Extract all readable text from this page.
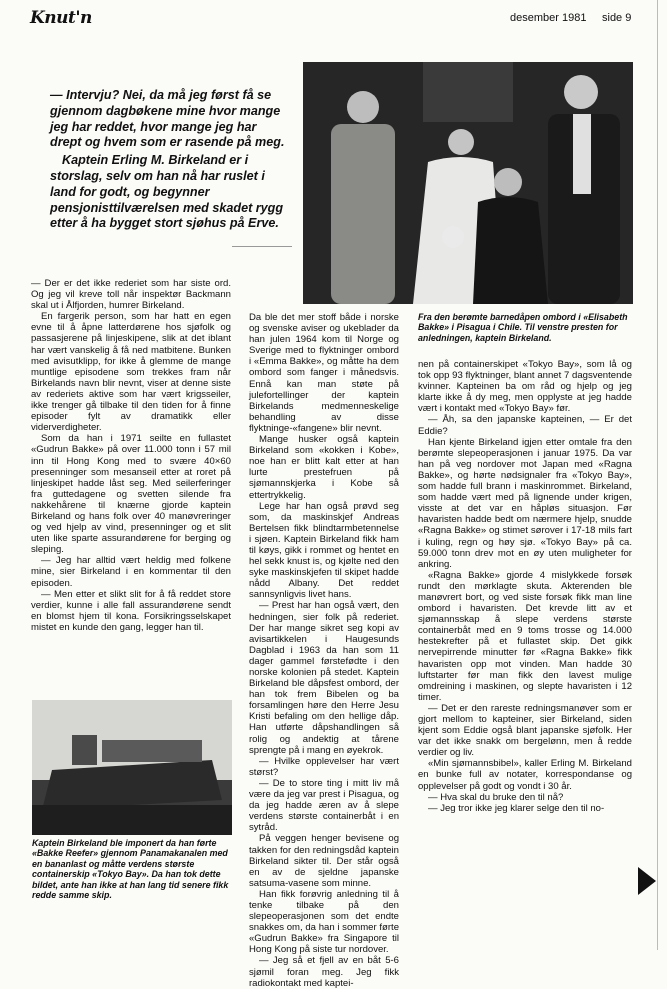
Knut'n	desember 1981 side 9

— Intervju? Nei, da må jeg først få se gjennom dagbøkene mine hvor mange jeg har reddet, hvor mange jeg har drept og hvem som er rasende på meg.

Kaptein Erling M. Birkeland er i storslag, selv om han nå har ruslet i land for godt, og begynner pensjonisttilværelsen med skadet rygg etter å ha bygget stort sjøhus på Erve.

Fra den berømte barnedåpen ombord i «Elisabeth Bakke» i Pisagua i Chile. Til venstre presten for anledningen, kaptein Birkeland.

— Der er det ikke rederiet som har siste ord. Og jeg vil kreve toll når inspektør Backmann skal ut i Ålfjorden, humrer Birkeland.

En fargerik person, som har hatt en egen evne til å åpne latterdørene hos sjøfolk og passasjerene på linjeskipene, slik at det iblant har vært vanskelig å få ned matbitene. Bunken med avisutklipp, for ikke å glemme de mange muntlige episodene som trekkes fram når Birkelands navn blir nevnt, viser at denne siste av rederiets aktive som har vært krigsseiler, ikke trenger gå tilbake til den tiden for å finne episoder fylt av dramatikk eller viderverdigheter.

Som da han i 1971 seilte en fullastet «Gudrun Bakke» på over 11.000 tonn i 57 mil inn til Hong Kong med to svære 40×60 presenninger som mesanseil etter at roret på linjeskipet hadde låst seg. Med seilerferinger fra guttedagene og svetten silende fra nakkehårene til knærne gjorde kaptein Birkeland og hans folk over 40 manøvreringer og ved hjelp av vind, presenninger og et slit uten like sparte assurandørene for berging og sleping.

— Jeg har alltid vært heldig med folkene mine, sier Birkeland i en kommentar til den episoden.

— Men etter et slikt slit for å få reddet store verdier, kunne i alle fall assurandørene sendt en blomst hjem til kona. Forsikringsselskapet mistet en kunde den gang, legger han til.

Kaptein Birkeland ble imponert da han førte «Bakke Reefer» gjennom Panamakanalen med en bananlast og måtte verdens største containerskip «Tokyo Bay». Da han tok dette bildet, ante han ikke at han lang tid senere fikk redde samme skip.

Da ble det mer stoff både i norske og svenske aviser og ukeblader da han julen 1964 kom til Norge og Sverige med to flyktninger ombord i «Emma Bakke», og måtte ha dem ombord som fanger i månedsvis. Ennå kan man støte på julefortellinger der kaptein Birkelands medmenneskelige behandling av disse flyktninge-«fangene» blir nevnt.

Mange husker også kaptein Birkeland som «kokken i Kobe», noe han er blitt kalt etter at han lurte prestefruen på sjømannskjerka i Kobe så ettertrykkelig.

Lege har han også prøvd seg som, da maskinskjef Andreas Bertelsen fikk blindtarmbetennelse i sjøen. Kaptein Birkeland fikk ham til køys, gikk i rommet og hentet en hel sekk knust is, og kjølte ned den syke maskinskjefen til skipet hadde nådd Albany. Det reddet sannsynligvis livet hans.

— Prest har han også vært, den hedningen, sier folk på rederiet. Der har mange sikret seg kopi av avisartikkelen i Haugesunds Dagblad i 1963 da han som 11 dager gammel førstefødte i den norske kolonien på stedet. Kaptein Birkeland ble dåpsfest ombord, der han tok frem Bibelen og ba forsamlingen høre den Herre Jesu Kristi befaling om den hellige dåp. Han utførte dåpshandlingen så rolig og andektig at tårene sprengte på i mang en øyekrok.

— Hvilke opplevelser har vært størst?

— De to store ting i mitt liv må være da jeg var prest i Pisagua, og da jeg hadde æren av å slepe verdens største containerbåt i en sytråd.

På veggen henger bevisene og takken for den redningsdåd kaptein Birkeland sikter til. Der står også en av de sjeldne japanske satsuma-vasene som minne.

Han fikk forøvrig anledning til å tenke tilbake på den slepeoperasjonen som det endte snakkes om, da han i sommer førte «Gudrun Bakke» fra Singapore til Hong Kong på siste tur nordover.

— Jeg så et fjell av en båt 5-6 sjømil foran meg. Jeg fikk radiokontakt med kaptei-

nen på containerskipet «Tokyo Bay», som lå og tok opp 93 flyktninger, blant annet 7 dagsventende kvinner. Kapteinen ba om råd og hjelp og jeg klarte ikke å dy meg, men opplyste at jeg hadde vært i kontakt med «Tokyo Bay» før.

— Åh, sa den japanske kapteinen, — Er det Eddie?

Han kjente Birkeland igjen etter omtale fra den berømte slepeoperasjonen i januar 1975. Da var han på veg nordover mot Japan med «Ragna Bakke», og hørte nødsignaler fra «Tokyo Bay», som hadde full brann i maskinrommet. Birkeland, som hadde vært med på lignende under krigen, visste at det var en håpløs situasjon. Før havaristen hadde bedt om nærmere hjelp, snudde «Ragna Bakke» og stimet sørover i 17-18 mils fart i kuling, regn og høy sjø. «Tokyo Bay» på ca. 59.000 tonn drev mot en øy uten muligheter for ankring.

«Ragna Bakke» gjorde 4 mislykkede forsøk rundt den mørklagte skuta. Akterenden ble manøvrert bort, og ved siste forsøk fikk man line ombord i havaristen. Det krevde litt av et sjømannsskap å slepe verdens største containerbåt med en 9 toms trosse og 14.000 hestekrefter på et fullastet skip. Det gikk nervepirrende minutter før «Ragna Bakke» fikk havaristen opp mot vinden. Man hadde 30 luftstarter før man fikk den lavest mulige omdreining i maskinen, og slepte havaristen i 12 timer.

— Det er den rareste redningsmanøver som er gjort mellom to kapteiner, sier Birkeland, siden kjent som Eddie også blant japanske sjøfolk. Her var det ikke snakk om bergelønn, men å redde verdier og liv.

«Min sjømannsbibel», kaller Erling M. Birkeland en bunke full av notater, korrespondanse og opplevelser på godt og vondt i 30 år.

— Hva skal du bruke den til nå?

— Jeg tror ikke jeg klarer selge den til no-
